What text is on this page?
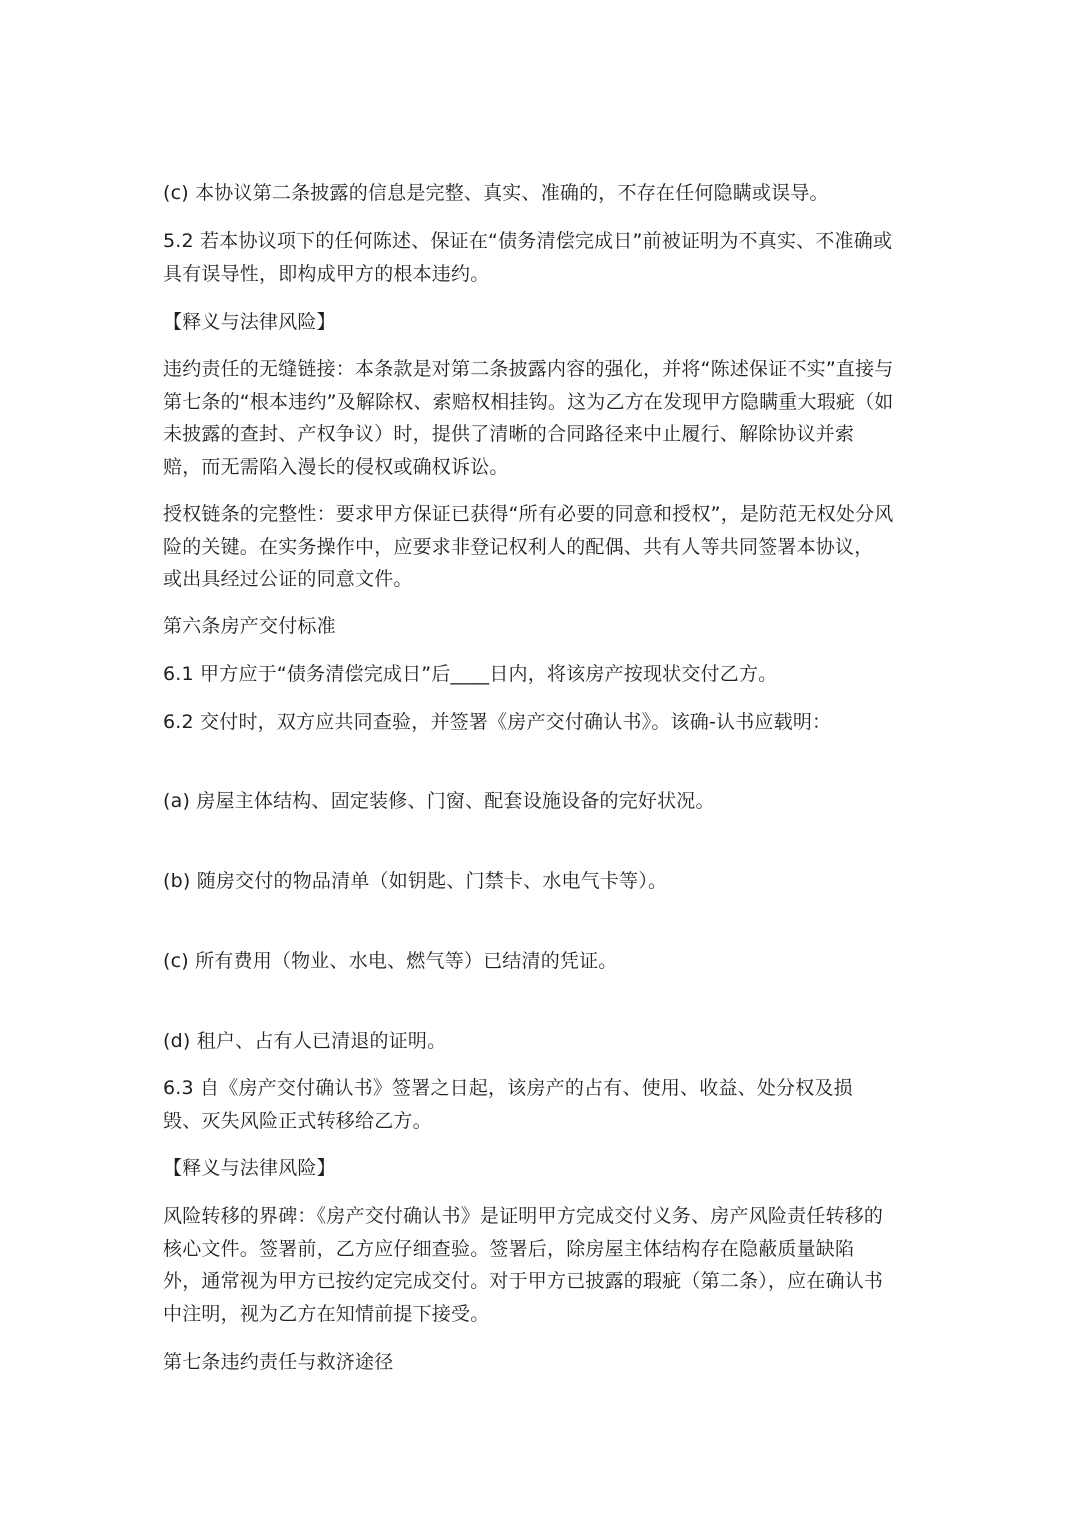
(c) 本协议第二条披露的信息是完整、真实、准确的，不存在任何隐瞒或误导。
5.2 若本协议项下的任何陈述、保证在“债务清偿完成日”前被证明为不真实、不准确或
具有误导性，即构成甲方的根本违约。
【释义与法律风险】
违约责任的无缝链接：本条款是对第二条披露内容的强化，并将“陈述保证不实”直接与
第七条的“根本违约”及解除权、索赔权相挂钩。这为乙方在发现甲方隐瞒重大瑕疵（如
未披露的查封、产权争议）时，提供了清晰的合同路径来中止履行、解除协议并索
赔，而无需陷入漫长的侵权或确权诉讼。
授权链条的完整性：要求甲方保证已获得“所有必要的同意和授权”，是防范无权处分风
险的关键。在实务操作中，应要求非登记权利人的配偶、共有人等共同签署本协议，
或出具经过公证的同意文件。
第六条房产交付标准
6.1 甲方应于“债务清偿完成日”后____日内，将该房产按现状交付乙方。
6.2 交付时，双方应共同查验，并签署《房产交付确认书》。该确-认书应载明：
(a) 房屋主体结构、固定装修、门窗、配套设施设备的完好状况。
(b) 随房交付的物品清单（如钥匙、门禁卡、水电气卡等）。
(c) 所有费用（物业、水电、燃气等）已结清的凭证。
(d) 租户、占有人已清退的证明。
6.3 自《房产交付确认书》签署之日起，该房产的占有、使用、收益、处分权及损
毁、灭失风险正式转移给乙方。
【释义与法律风险】
风险转移的界碑：《房产交付确认书》是证明甲方完成交付义务、房产风险责任转移的
核心文件。签署前，乙方应仔细查验。签署后，除房屋主体结构存在隐蔽质量缺陷
外，通常视为甲方已按约定完成交付。对于甲方已披露的瑕疵（第二条），应在确认书
中注明，视为乙方在知情前提下接受。
第七条违约责任与救济途径
